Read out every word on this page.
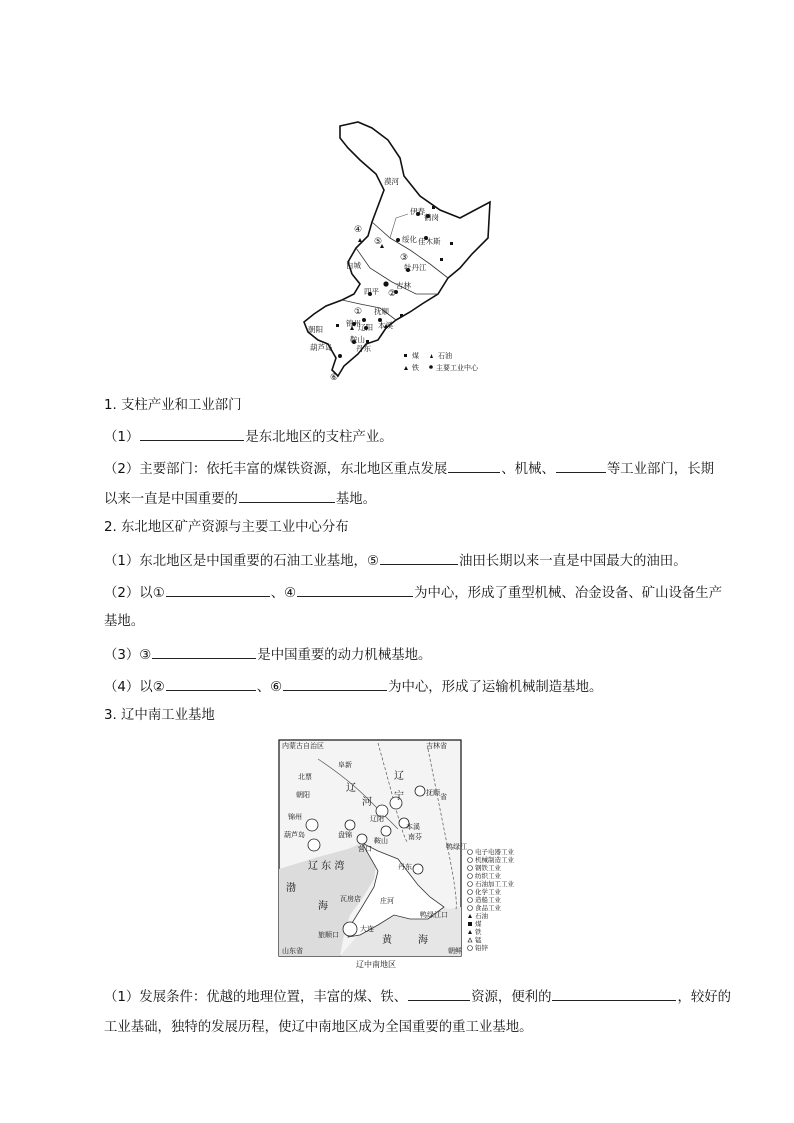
漠河
伊春
鹤岗
绥化 佳木斯
白城	牡丹江
吉林
四平
抚顺
锦州
辽阳 本溪
朝阳
鞍山
葫芦岛	丹东
④
⑤
③
②
①
⑥
煤	石油
铁 主要工业中心
1. 支柱产业和工业部门
（1）	是东北地区的支柱产业。
（2）主要部门：依托丰富的煤铁资源，东北地区重点发展	、机械、	等工业部门，长期
以来一直是中国重要的	基地。
2. 东北地区矿产资源与主要工业中心分布
（1）东北地区是中国重要的石油工业基地，⑤	油田长期以来一直是中国最大的油田。
（2）以①	、④	为中心，形成了重型机械、冶金设备、矿山设备生产
基地。
（3）③	是中国重要的动力机械基地。
（4）以②	、⑥	为中心，形成了运输机械制造基地。
3. 辽中南工业基地
内蒙古自治区	吉林省
阜新
北票
朝阳
锦州
葫芦岛	盘锦
辽阳
鞍山
营口
本溪
南芬
抚顺
瓦房店	庄河
丹东
鸭绿江口
大连
旅顺口
山东省	朝鲜
鸭绿江
省
辽
宁
辽
河
辽 东 湾
渤
海
黄	海
电子电器工业
机械制造工业
钢铁工业
纺织工业
石油加工工业
化学工业
造船工业
食品工业
石油
煤
铁
锰
铅锌
辽中南地区
（1）发展条件：优越的地理位置，丰富的煤、铁、	资源，便利的	，较好的
工业基础，独特的发展历程，使辽中南地区成为全国重要的重工业基地。
